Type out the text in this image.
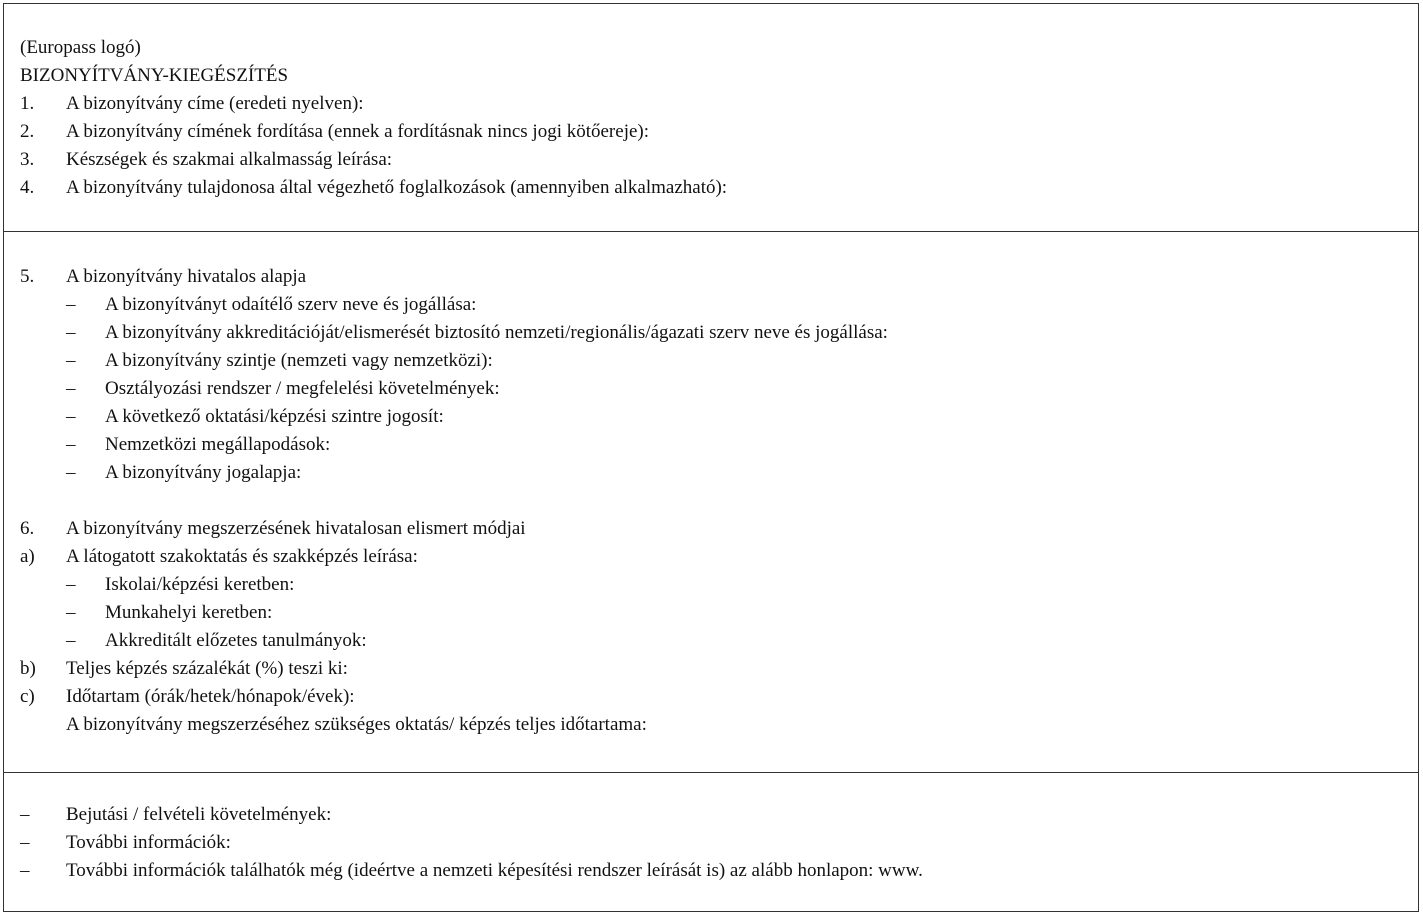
(Europass logó)
BIZONYÍTVÁNY-KIEGÉSZÍTÉS
1. A bizonyítvány címe (eredeti nyelven):
2. A bizonyítvány címének fordítása (ennek a fordításnak nincs jogi kötőereje):
3. Készségek és szakmai alkalmasság leírása:
4. A bizonyítvány tulajdonosa által végezhető foglalkozások (amennyiben alkalmazható):
5. A bizonyítvány hivatalos alapja
– A bizonyítványt odaítélő szerv neve és jogállása:
– A bizonyítvány akkreditációját/elismerését biztosító nemzeti/regionális/ágazati szerv neve és jogállása:
– A bizonyítvány szintje (nemzeti vagy nemzetközi):
– Osztályozási rendszer / megfelelési követelmények:
– A következő oktatási/képzési szintre jogosít:
– Nemzetközi megállapodások:
– A bizonyítvány jogalapja:
6. A bizonyítvány megszerzésének hivatalosan elismert módjai
a) A látogatott szakoktatás és szakképzés leírása:
– Iskolai/képzési keretben:
– Munkahelyi keretben:
– Akkreditált előzetes tanulmányok:
b) Teljes képzés százalékát (%) teszi ki:
c) Időtartam (órák/hetek/hónapok/évek):
A bizonyítvány megszerzéséhez szükséges oktatás/ képzés teljes időtartama:
– Bejutási / felvételi követelmények:
– További információk:
– További információk találhatók még (ideértve a nemzeti képesítési rendszer leírását is) az alább honlapon: www.
